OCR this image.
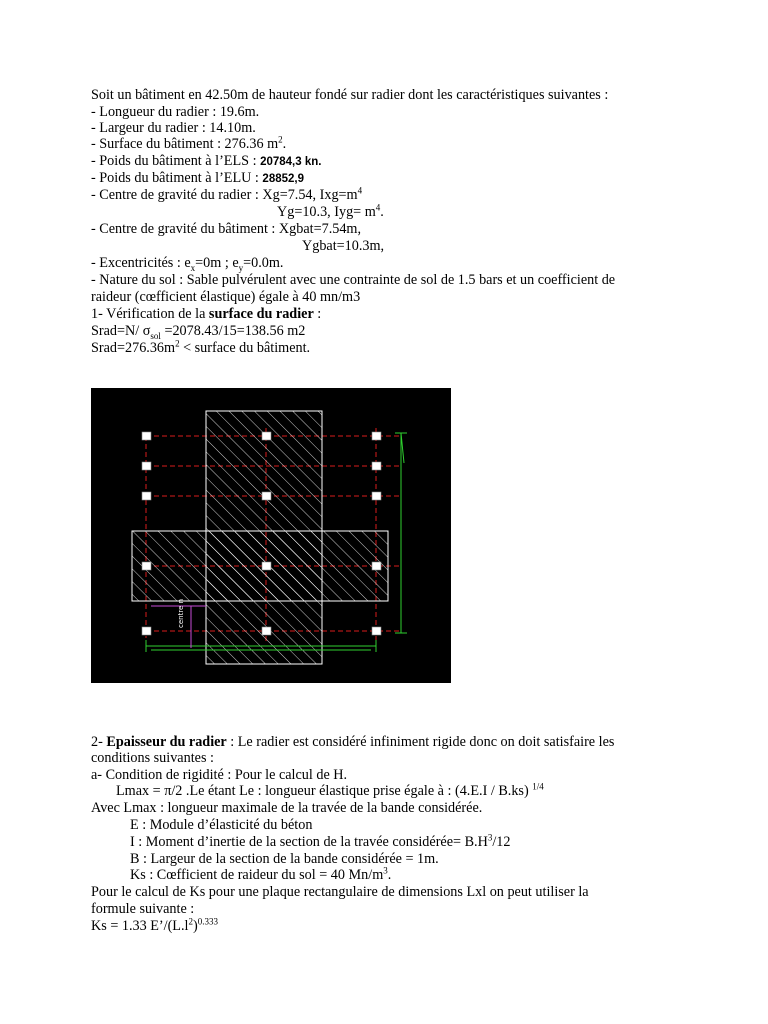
Soit un bâtiment en 42.50m de hauteur fondé sur radier dont les caractéristiques suivantes :
- Longueur du radier : 19.6m.
- Largeur du radier : 14.10m.
- Surface du bâtiment : 276.36 $m^2$.
- Poids du bâtiment à l’ELS : 20784,3 kn.
- Poids du bâtiment à l’ELU : 28852,9
- Centre de gravité du radier : Xg=7.54, $Ixg=m^4$
Yg=10.3, $Iyg= m^4$.
- Centre de gravité du bâtiment : Xgbat=7.54m,
Ygbat=10.3m,
- Excentricités : $e_x=0m$ ; $e_y=0.0m$.
- Nature du sol : Sable pulvérulent avec une contrainte de sol de 1.5 bars et un coefficient de
raideur (cœfficient élastique) égale à 40 mn/m3
1- Vérification de la surface du radier :
Srad=N/ $\sigma_{sol} =2078.43/15=138.56$ m2
$Srad=276.36m^2$ < surface du bâtiment.
centre n
2- Epaisseur du radier : Le radier est considéré infiniment rigide donc on doit satisfaire les
conditions suivantes :
a- Condition de rigidité : Pour le calcul de H.
Lmax = π/2 .Le étant Le : longueur élastique prise égale à : (4.E.I / B.ks) $^{1/4}$
Avec Lmax : longueur maximale de la travée de la bande considérée.
E : Module d’élasticité du béton
I : Moment d’inertie de la section de la travée considérée= $B.H^3/12$
B : Largeur de la section de la bande considérée = 1m.
Ks : Cœfficient de raideur du sol = 40 $Mn/m^3$.
Pour le calcul de Ks pour une plaque rectangulaire de dimensions Lxl on peut utiliser la
formule suivante :
Ks = 1.33 $E’/(L.l^2)^{0.333}$
